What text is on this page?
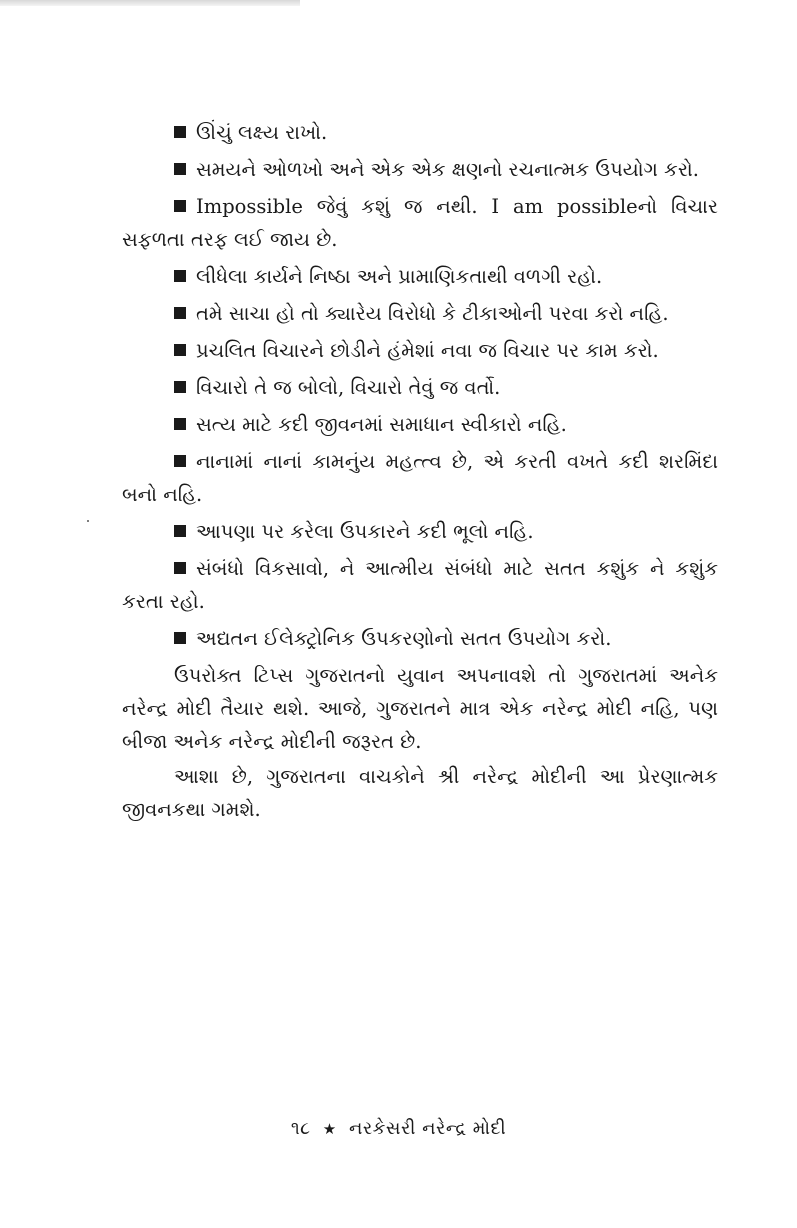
ઊંચું લક્ષ્ય રાખો.
સમયને ઓળખો અને એક એક ક્ષણનો રચનાત્મક ઉપયોગ કરો.
Impossible જેવું કશું જ નથી. I am possibleનો વિચાર સફળતા તરફ લઈ જાય છે.
લીધેલા કાર્યને નિષ્ઠા અને પ્રામાણિકતાથી વળગી રહો.
તમે સાચા હો તો ક્યારેય વિરોધો કે ટીકાઓની પરવા કરો નહિ.
પ્રચલિત વિચારને છોડીને હંમેશાં નવા જ વિચાર પર કામ કરો.
વિચારો તે જ બોલો, વિચારો તેવું જ વર્તો.
સત્ય માટે કદી જીવનમાં સમાધાન સ્વીકારો નહિ.
નાનામાં નાનાં કામનુંય મહત્ત્વ છે, એ કરતી વખતે કદી શરમિંદા બનો નહિ.
આપણા પર કરેલા ઉપકારને કદી ભૂલો નહિ.
સંબંધો વિકસાવો, ને આત્મીય સંબંધો માટે સતત કશુંક ને કશુંક કરતા રહો.
અદ્યતન ઈલેક્ટ્રોનિક ઉપકરણોનો સતત ઉપયોગ કરો.

ઉપરોક્ત ટિપ્સ ગુજરાતનો યુવાન અપનાવશે તો ગુજરાતમાં અનેક નરેન્દ્ર મોદી તૈયાર થશે. આજે, ગુજરાતને માત્ર એક નરેન્દ્ર મોદી નહિ, પણ બીજા અનેક નરેન્દ્ર મોદીની જરૂરત છે.

આશા છે, ગુજરાતના વાચકોને શ્રી નરેન્દ્ર મોદીની આ પ્રેરણાત્મક જીવનકથા ગમશે.

૧૮ ★ નરકેસરી નરેન્દ્ર મોદી
